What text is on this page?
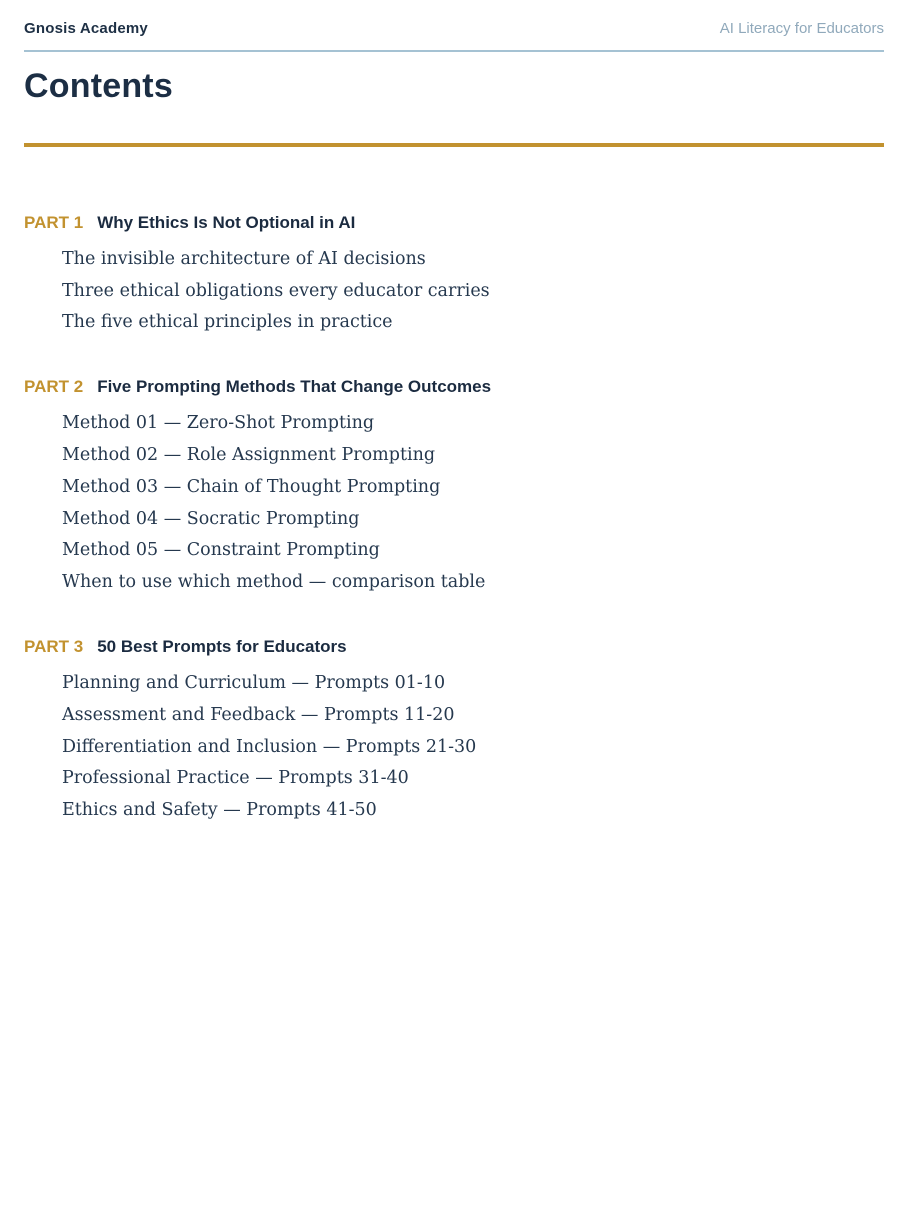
Gnosis Academy	AI Literacy for Educators
Contents
PART 1 Why Ethics Is Not Optional in AI
The invisible architecture of AI decisions
Three ethical obligations every educator carries
The five ethical principles in practice
PART 2 Five Prompting Methods That Change Outcomes
Method 01 — Zero-Shot Prompting
Method 02 — Role Assignment Prompting
Method 03 — Chain of Thought Prompting
Method 04 — Socratic Prompting
Method 05 — Constraint Prompting
When to use which method — comparison table
PART 3 50 Best Prompts for Educators
Planning and Curriculum — Prompts 01-10
Assessment and Feedback — Prompts 11-20
Differentiation and Inclusion — Prompts 21-30
Professional Practice — Prompts 31-40
Ethics and Safety — Prompts 41-50
